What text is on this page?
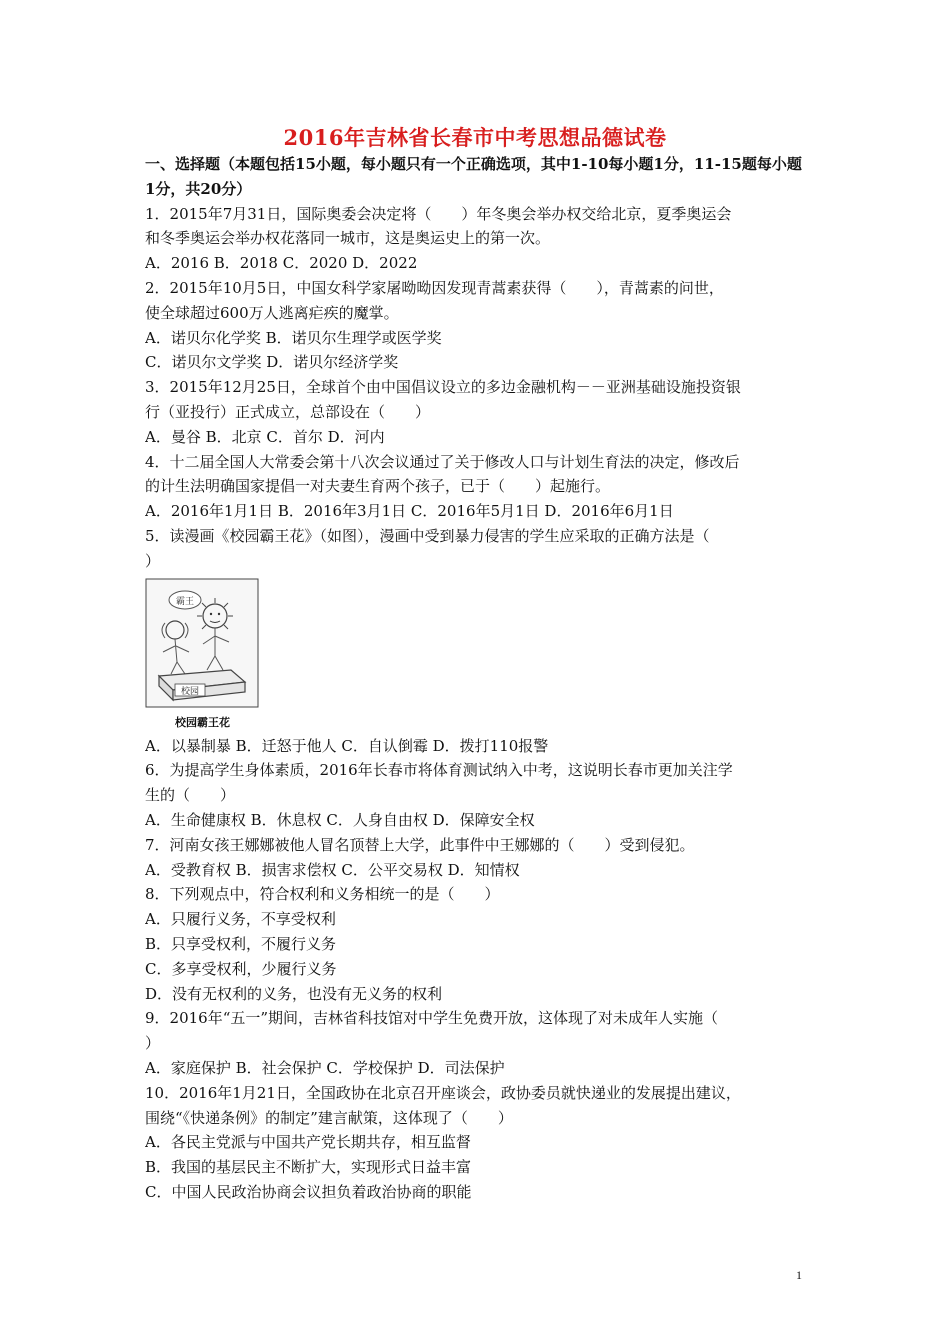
2016年吉林省长春市中考思想品德试卷
一、选择题（本题包括15小题，每小题只有一个正确选项，其中1-10每小题1分，11-15题每小题1分，共20分）
1．2015年7月31日，国际奥委会决定将（　　）年冬奥会举办权交给北京，夏季奥运会
和冬季奥运会举办权花落同一城市，这是奥运史上的第一次。
A．2016 B．2018 C．2020 D．2022
2．2015年10月5日，中国女科学家屠呦呦因发现青蒿素获得（　　），青蒿素的问世，
使全球超过600万人逃离疟疾的魔掌。
A．诺贝尔化学奖 B．诺贝尔生理学或医学奖
C．诺贝尔文学奖 D．诺贝尔经济学奖
3．2015年12月25日，全球首个由中国倡议设立的多边金融机构－－亚洲基础设施投资银
行（亚投行）正式成立，总部设在（　　）
A．曼谷 B．北京 C．首尔 D．河内
4．十二届全国人大常委会第十八次会议通过了关于修改人口与计划生育法的决定，修改后
的计生法明确国家提倡一对夫妻生育两个孩子，已于（　　）起施行。
A．2016年1月1日 B．2016年3月1日 C．2016年5月1日 D．2016年6月1日
5．读漫画《校园霸王花》（如图），漫画中受到暴力侵害的学生应采取的正确方法是（
）
霸王
校园
校园霸王花
A．以暴制暴 B．迁怒于他人 C．自认倒霉 D．拨打110报警
6．为提高学生身体素质，2016年长春市将体育测试纳入中考，这说明长春市更加关注学
生的（　　）
A．生命健康权 B．休息权 C．人身自由权 D．保障安全权
7．河南女孩王娜娜被他人冒名顶替上大学，此事件中王娜娜的（　　）受到侵犯。
A．受教育权 B．损害求偿权 C．公平交易权 D．知情权
8．下列观点中，符合权利和义务相统一的是（　　）
A．只履行义务，不享受权利
B．只享受权利，不履行义务
C．多享受权利，少履行义务
D．没有无权利的义务，也没有无义务的权利
9．2016年“五一”期间，吉林省科技馆对中学生免费开放，这体现了对未成年人实施（
）
A．家庭保护 B．社会保护 C．学校保护 D．司法保护
10．2016年1月21日，全国政协在北京召开座谈会，政协委员就快递业的发展提出建议，
围绕“《快递条例》的制定”建言献策，这体现了（　　）
A．各民主党派与中国共产党长期共存，相互监督
B．我国的基层民主不断扩大，实现形式日益丰富
C．中国人民政治协商会议担负着政治协商的职能
1
